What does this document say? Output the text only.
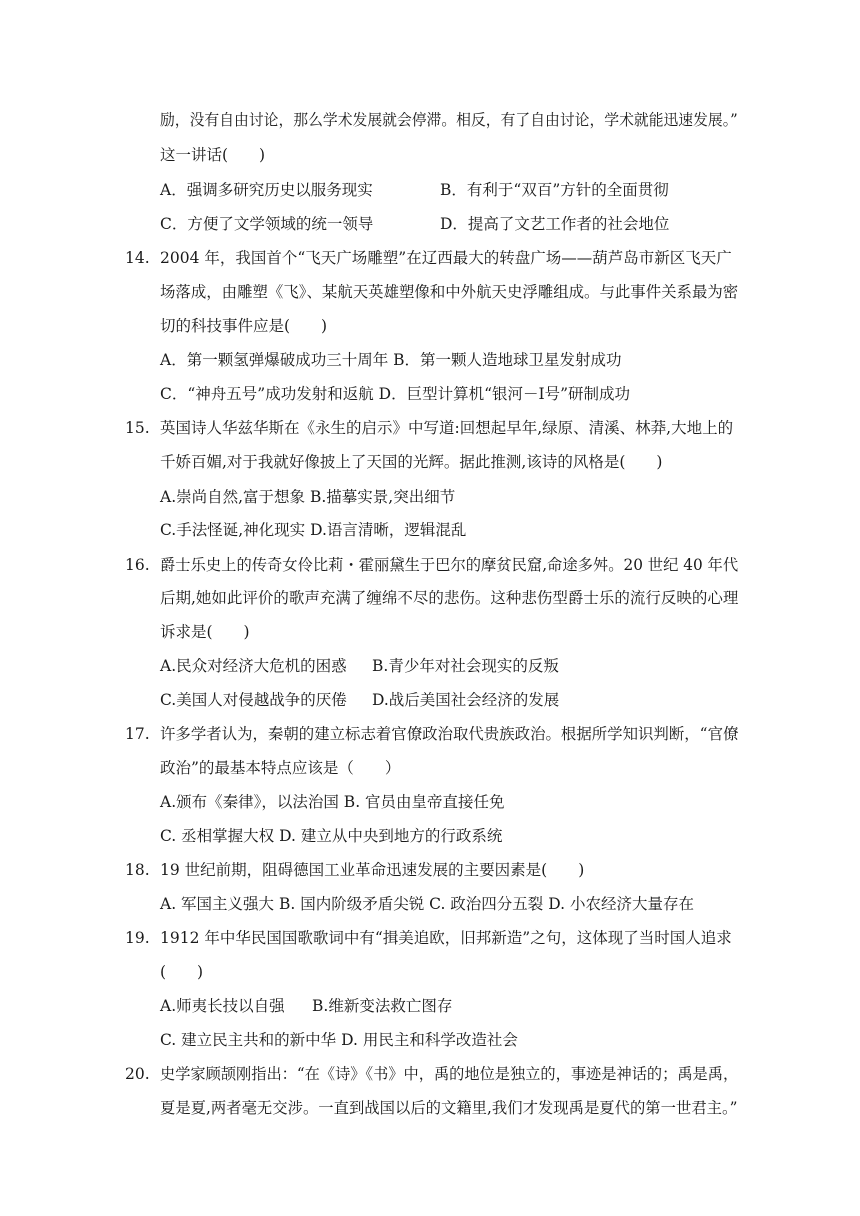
励，没有自由讨论，那么学术发展就会停滞。相反，有了自由讨论，学术就能迅速发展。”
这一讲话(　　)
A．强调多研究历史以服务现实	B．有利于“双百”方针的全面贯彻
C．方便了文学领域的统一领导	D．提高了文艺工作者的社会地位
14. 2004 年，我国首个“飞天广场雕塑”在辽西最大的转盘广场——葫芦岛市新区飞天广
场落成，由雕塑《飞》、某航天英雄塑像和中外航天史浮雕组成。与此事件关系最为密
切的科技事件应是(　　)
A．第一颗氢弹爆破成功三十周年 B．第一颗人造地球卫星发射成功
C．“神舟五号”成功发射和返航 D．巨型计算机“银河－Ⅰ号”研制成功
15. 英国诗人华兹华斯在《永生的启示》中写道:回想起早年,绿原、清溪、林莽,大地上的
千娇百媚,对于我就好像披上了天国的光辉。据此推测,该诗的风格是(　　)
A.崇尚自然,富于想象 B.描摹实景,突出细节
C.手法怪诞,神化现实 D.语言清晰，逻辑混乱
16. 爵士乐史上的传奇女伶比莉・霍丽黛生于巴尔的摩贫民窟,命途多舛。20 世纪 40 年代
后期,她如此评价的歌声充满了缠绵不尽的悲伤。这种悲伤型爵士乐的流行反映的心理
诉求是(　　)
A.民众对经济大危机的困惑 B.青少年对社会现实的反叛
C.美国人对侵越战争的厌倦 D.战后美国社会经济的发展
17. 许多学者认为，秦朝的建立标志着官僚政治取代贵族政治。根据所学知识判断，“官僚
政治”的最基本特点应该是（　　）
A.颁布《秦律》，以法治国 B. 官员由皇帝直接任免
C. 丞相掌握大权 D. 建立从中央到地方的行政系统
18. 19 世纪前期，阻碍德国工业革命迅速发展的主要因素是(　　)
A. 军国主义强大 B. 国内阶级矛盾尖锐 C. 政治四分五裂 D. 小农经济大量存在
19. 1912 年中华民国国歌歌词中有“揖美追欧，旧邦新造”之句，这体现了当时国人追求
(　　)
A.师夷长技以自强 B.维新变法救亡图存
C. 建立民主共和的新中华 D. 用民主和科学改造社会
20. 史学家顾颉刚指出：“在《诗》《书》中，禹的地位是独立的，事迹是神话的；禹是禹，
夏是夏,两者毫无交涉。一直到战国以后的文籍里,我们才发现禹是夏代的第一世君主。”
